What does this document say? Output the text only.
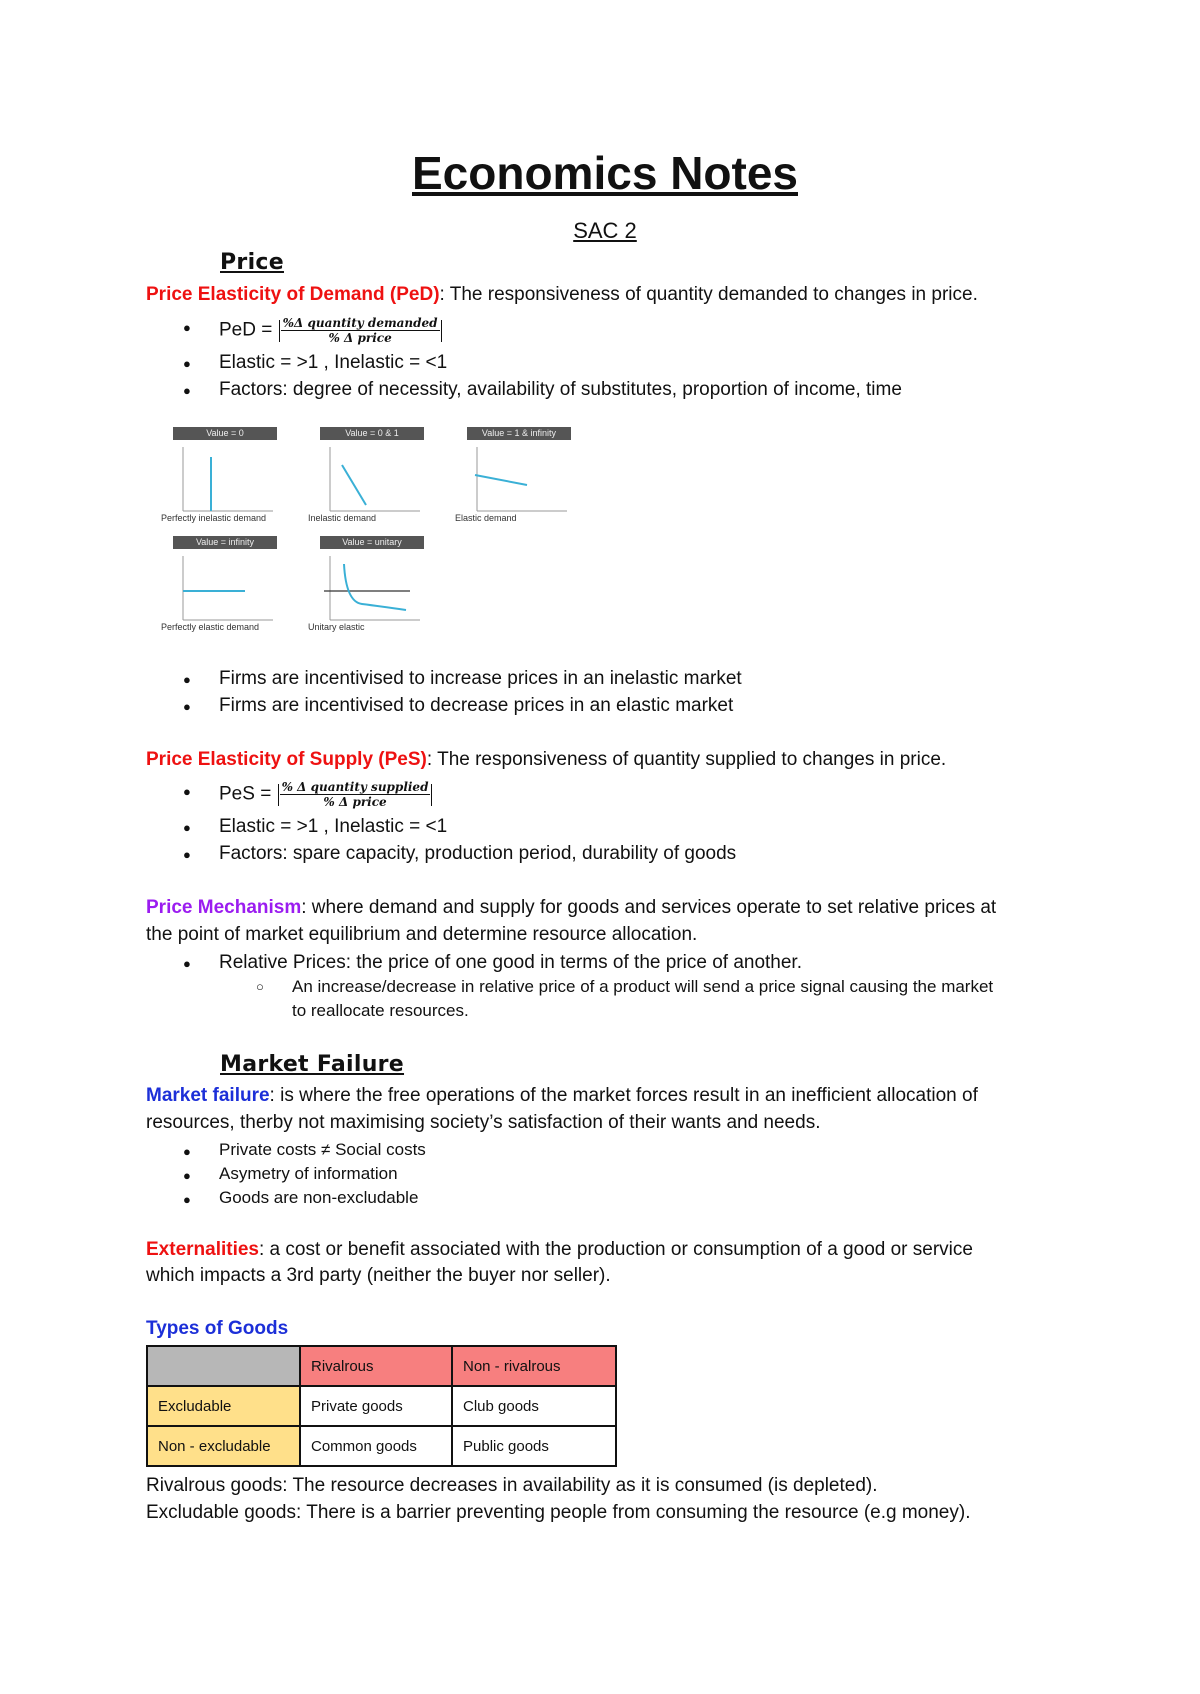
Economics Notes
SAC 2
Price
Price Elasticity of Demand (PeD): The responsiveness of quantity demanded to changes in price.
● PeD = $\frac{\text{\%Δ quantity demanded}}{\text{\% Δ price}}$
● Elastic = >1 , Inelastic = <1
● Factors: degree of necessity, availability of substitutes, proportion of income, time
Value = 0
Perfectly inelastic demand
Value = 0 & 1
Inelastic demand
Value = 1 & infinity
Elastic demand
Value = infinity
Perfectly elastic demand
Value = unitary
Unitary elastic
● Firms are incentivised to increase prices in an inelastic market
● Firms are incentivised to decrease prices in an elastic market
Price Elasticity of Supply (PeS): The responsiveness of quantity supplied to changes in price.
● PeS = $\frac{\text{\% Δ quantity supplied}}{\text{\% Δ price}}$
● Elastic = >1 , Inelastic = <1
● Factors: spare capacity, production period, durability of goods
Price Mechanism: where demand and supply for goods and services operate to set relative prices at
the point of market equilibrium and determine resource allocation.
● Relative Prices: the price of one good in terms of the price of another.
○ An increase/decrease in relative price of a product will send a price signal causing the market
to reallocate resources.
Market Failure
Market failure: is where the free operations of the market forces result in an inefficient allocation of
resources, therby not maximising society’s satisfaction of their wants and needs.
● Private costs ≠ Social costs
● Asymetry of information
● Goods are non-excludable
Externalities: a cost or benefit associated with the production or consumption of a good or service
which impacts a 3rd party (neither the buyer nor seller).
Types of Goods
	Rivalrous	Non - rivalrous
Excludable	Private goods	Club goods
Non - excludable	Common goods	Public goods
Rivalrous goods: The resource decreases in availability as it is consumed (is depleted).
Excludable goods: There is a barrier preventing people from consuming the resource (e.g money).
